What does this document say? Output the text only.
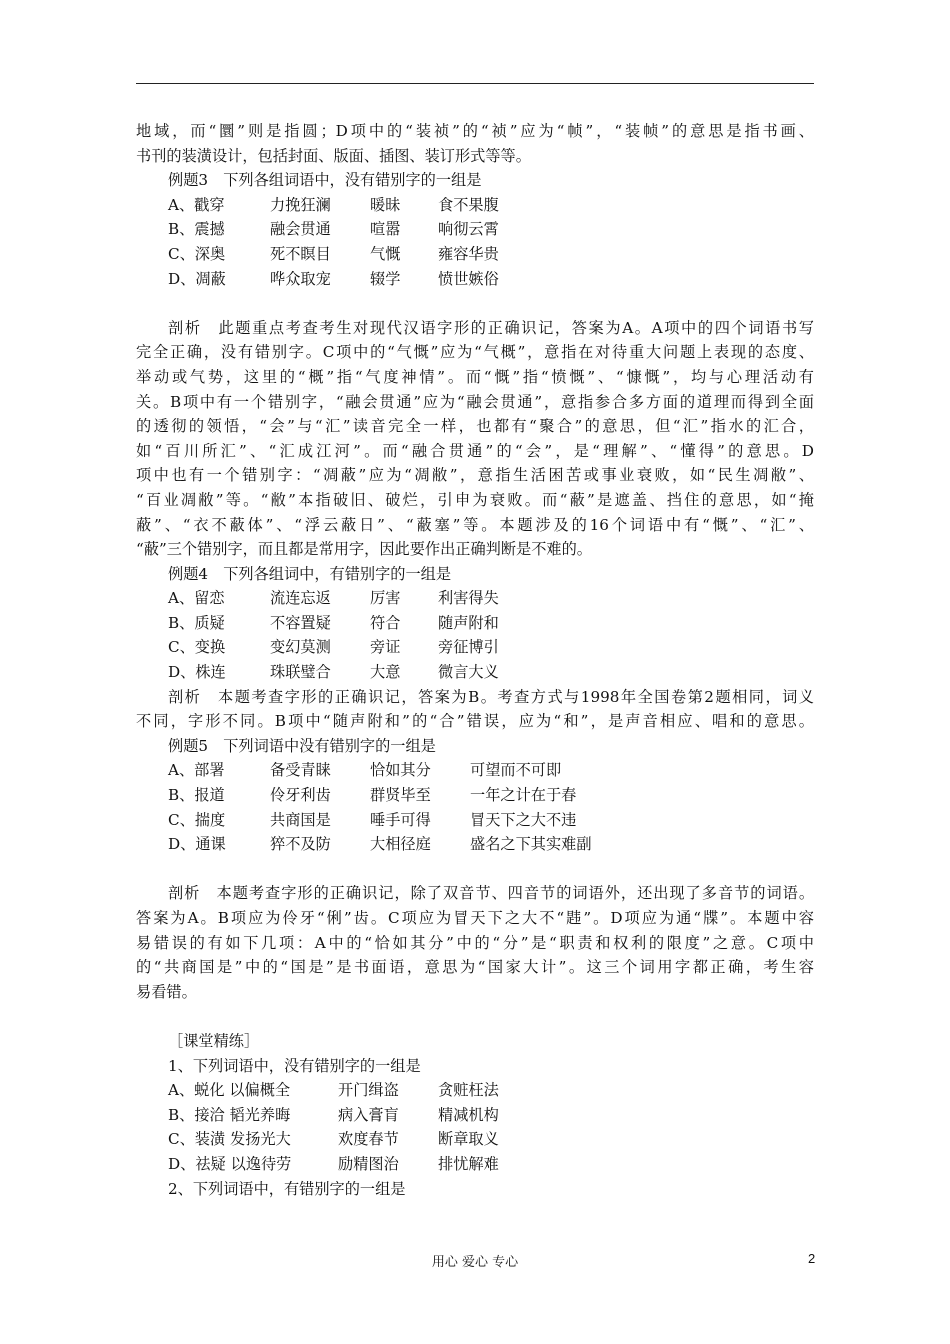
地域，而“圜”则是指圆；D项中的“装祯”的“祯”应为“帧”，“装帧”的意思是指书画、

书刊的装潢设计，包括封面、版面、插图、装订形式等等。

例题3　下列各组词语中，没有错别字的一组是

A、戳穿	力挽狂澜	暖昧 食不果腹
B、震撼	融会贯通	喧嚣 响彻云霄
C、深奥	死不瞑目	气慨 雍容华贵
D、凋蔽	哗众取宠	辍学 愤世嫉俗

剖析　此题重点考查考生对现代汉语字形的正确识记，答案为A。A项中的四个词语书写

完全正确，没有错别字。C项中的“气慨”应为“气概”，意指在对待重大问题上表现的态度、

举动或气势，这里的“概”指“气度神情”。而“慨”指“愤慨”、“慷慨”，均与心理活动有

关。B项中有一个错别字，“融会贯通”应为“融会贯通”，意指参合多方面的道理而得到全面

的透彻的领悟，“会”与“汇”读音完全一样，也都有“聚合”的意思，但“汇”指水的汇合，

如“百川所汇”、“汇成江河”。而“融合贯通”的“会”，是“理解”、“懂得”的意思。D

项中也有一个错别字：“凋蔽”应为“凋敝”，意指生活困苦或事业衰败，如“民生凋敝”、

“百业凋敝”等。“敝”本指破旧、破烂，引申为衰败。而“蔽”是遮盖、挡住的意思，如“掩

蔽”、“衣不蔽体”、“浮云蔽日”、“蔽塞”等。本题涉及的16个词语中有“慨”、“汇”、

“蔽”三个错别字，而且都是常用字，因此要作出正确判断是不难的。

例题4　下列各组词中，有错别字的一组是

A、留恋	流连忘返	厉害 利害得失
B、质疑	不容置疑	符合 随声附和
C、变换	变幻莫测	旁证 旁征博引
D、株连	珠联璧合	大意 微言大义

剖析　本题考查字形的正确识记，答案为B。考查方式与1998年全国卷第2题相同，词义

不同，字形不同。B项中“随声附和”的“合”错误，应为“和”，是声音相应、唱和的意思。

例题5　下列词语中没有错别字的一组是

A、部署	备受青睐	恰如其分	可望而不可即
B、报道	伶牙利齿	群贤毕至	一年之计在于春
C、揣度	共商国是	唾手可得	冒天下之大不违
D、通课	猝不及防	大相径庭	盛名之下其实难副

剖析　本题考查字形的正确识记，除了双音节、四音节的词语外，还出现了多音节的词语。

答案为A。B项应为伶牙“俐”齿。C项应为冒天下之大不“韪”。D项应为通“牒”。本题中容

易错误的有如下几项：A中的“恰如其分”中的“分”是“职责和权利的限度”之意。C项中

的“共商国是”中的“国是”是书面语，意思为“国家大计”。这三个词用字都正确，考生容

易看错。

［课堂精练］

1、下列词语中，没有错别字的一组是

A、蜕化 以偏概全	开门缉盗	贪赃枉法
B、接洽 韬光养晦	病入膏肓	精减机构
C、装潢 发扬光大	欢度春节	断章取义
D、祛疑 以逸待劳	励精图治	排忧解难

2、下列词语中，有错别字的一组是

用心 爱心 专心	2
